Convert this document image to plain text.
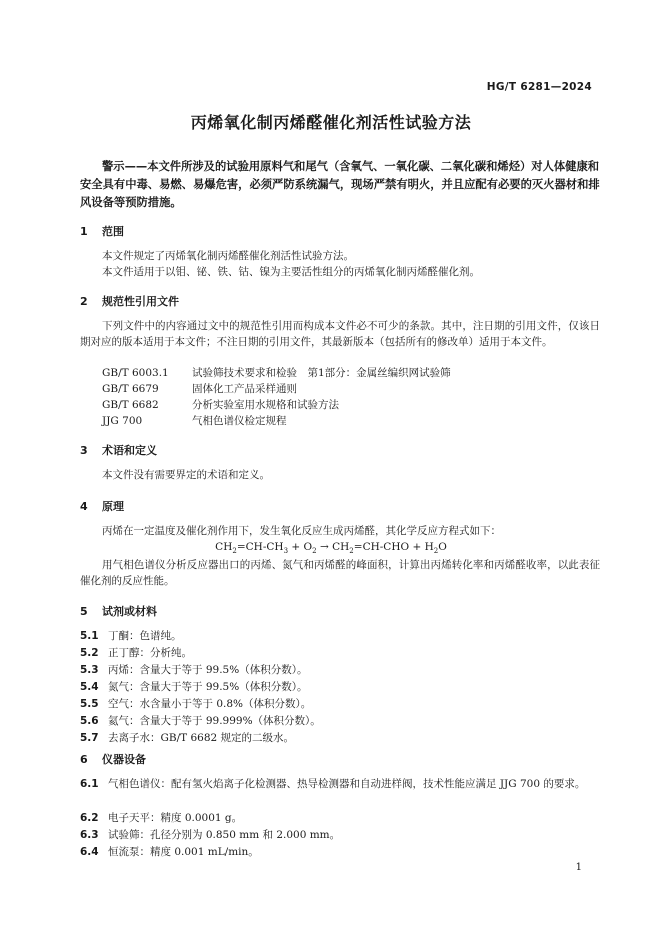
HG/T 6281—2024
丙烯氧化制丙烯醛催化剂活性试验方法
警示——本文件所涉及的试验用原料气和尾气（含氧气、一氧化碳、二氧化碳和烯烃）对人体健康和安全具有中毒、易燃、易爆危害，必须严防系统漏气，现场严禁有明火，并且应配有必要的灭火器材和排风设备等预防措施。
1 范围
本文件规定了丙烯氧化制丙烯醛催化剂活性试验方法。
本文件适用于以钼、铋、铁、钴、镍为主要活性组分的丙烯氧化制丙烯醛催化剂。
2 规范性引用文件
下列文件中的内容通过文中的规范性引用而构成本文件必不可少的条款。其中，注日期的引用文件，仅该日期对应的版本适用于本文件；不注日期的引用文件，其最新版本（包括所有的修改单）适用于本文件。
GB/T 6003.1 试验筛技术要求和检验　第1部分：金属丝编织网试验筛
GB/T 6679	固体化工产品采样通则
GB/T 6682	分析实验室用水规格和试验方法
JJG 700	气相色谱仪检定规程
3 术语和定义
本文件没有需要界定的术语和定义。
4 原理
丙烯在一定温度及催化剂作用下，发生氧化反应生成丙烯醛，其化学反应方程式如下：
$CH_2=CH-CH_3 + O_2 \to CH_2=CH-CHO + H_2O$
用气相色谱仪分析反应器出口的丙烯、氮气和丙烯醛的峰面积，计算出丙烯转化率和丙烯醛收率，以此表征催化剂的反应性能。
5 试剂或材料
5.1 丁酮：色谱纯。
5.2 正丁醇：分析纯。
5.3 丙烯：含量大于等于 99.5%（体积分数）。
5.4 氮气：含量大于等于 99.5%（体积分数）。
5.5 空气：水含量小于等于 0.8%（体积分数）。
5.6 氦气：含量大于等于 99.999%（体积分数）。
5.7 去离子水：GB/T 6682 规定的二级水。
6 仪器设备
6.1 气相色谱仪：配有氢火焰离子化检测器、热导检测器和自动进样阀，技术性能应满足 JJG 700 的要求。
6.2 电子天平：精度 0.0001 g。
6.3 试验筛：孔径分别为 0.850 mm 和 2.000 mm。
6.4 恒流泵：精度 0.001 mL/min。
1
